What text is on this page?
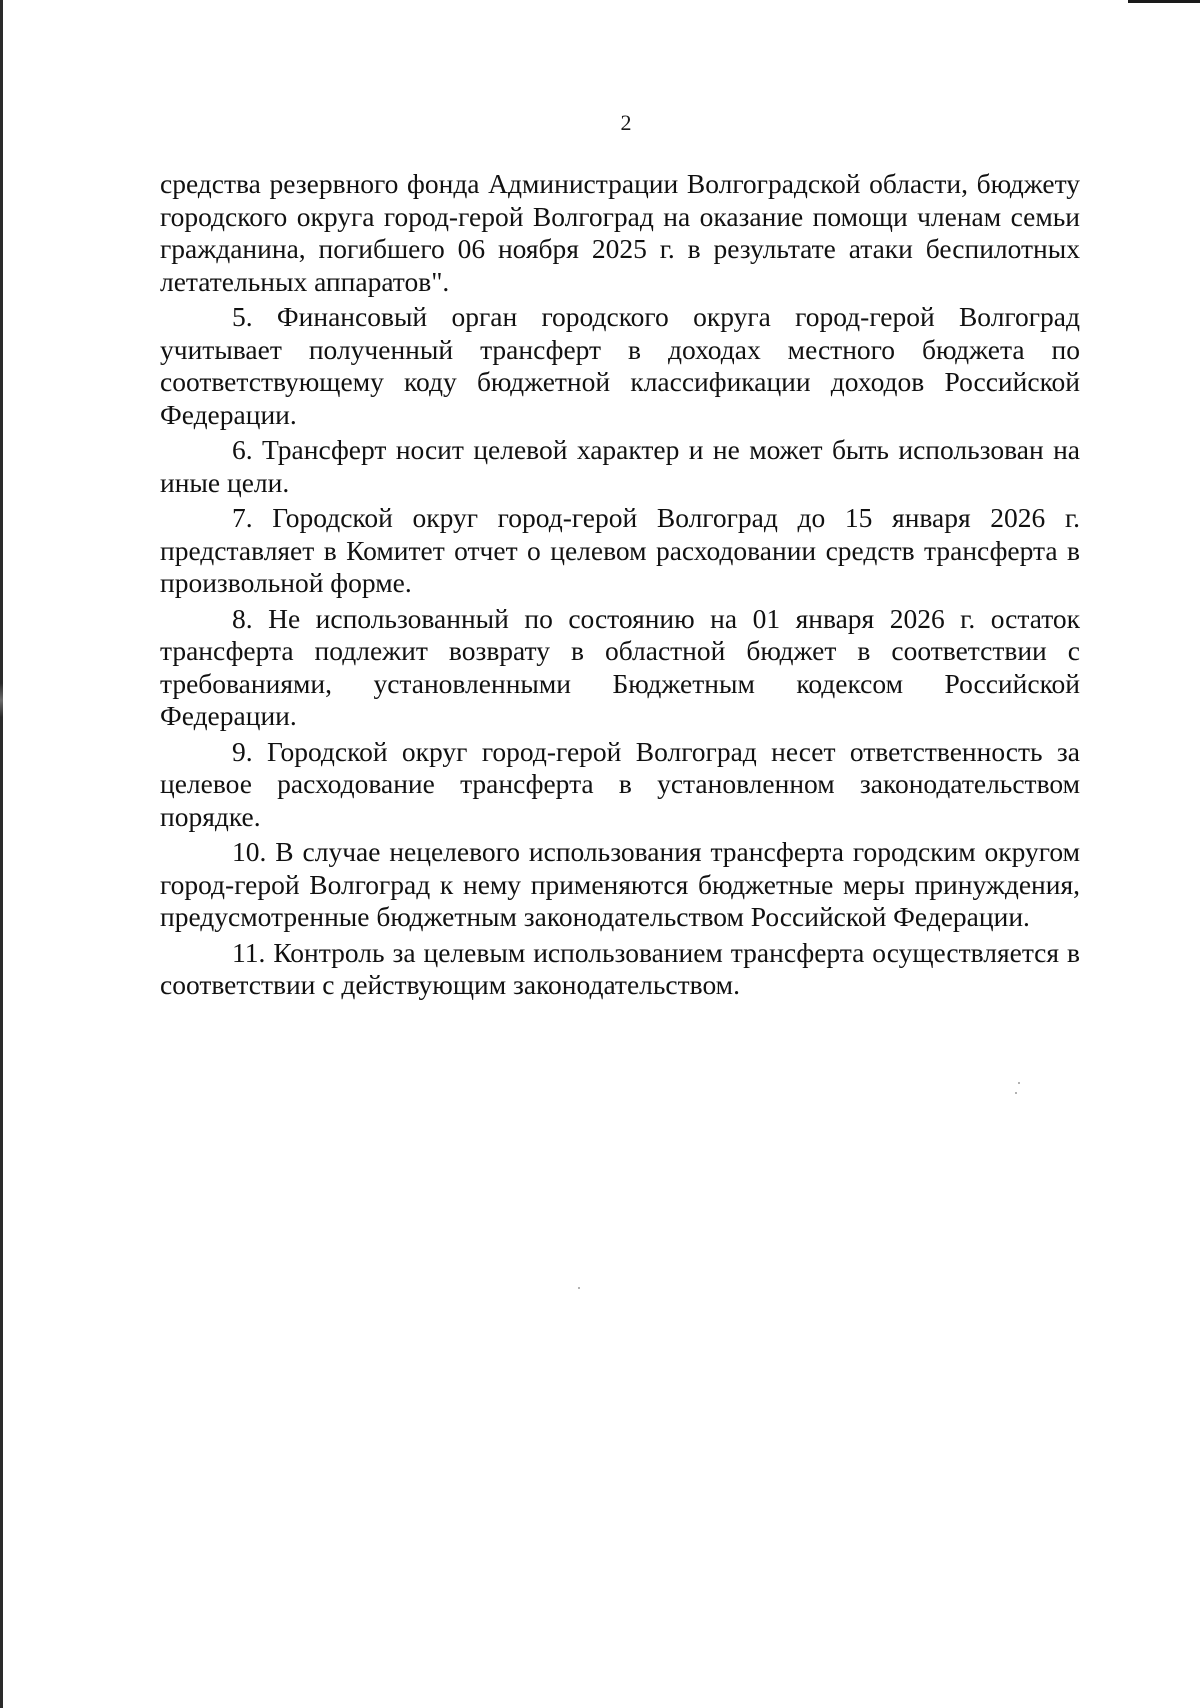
2

средства резервного фонда Администрации Волгоградской области, бюджету городского округа город-герой Волгоград на оказание помощи членам семьи гражданина, погибшего 06 ноября 2025 г. в результате атаки беспилотных летательных аппаратов".

5. Финансовый орган городского округа город-герой Волгоград учитывает полученный трансферт в доходах местного бюджета по соответствующему коду бюджетной классификации доходов Российской Федерации.

6. Трансферт носит целевой характер и не может быть использован на иные цели.

7. Городской округ город-герой Волгоград до 15 января 2026 г. представляет в Комитет отчет о целевом расходовании средств трансферта в произвольной форме.

8. Не использованный по состоянию на 01 января 2026 г. остаток трансферта подлежит возврату в областной бюджет в соответствии с требованиями, установленными Бюджетным кодексом Российской Федерации.

9. Городской округ город-герой Волгоград несет ответственность за целевое расходование трансферта в установленном законодательством порядке.

10. В случае нецелевого использования трансферта городским округом город-герой Волгоград к нему применяются бюджетные меры принуждения, предусмотренные бюджетным законодательством Российской Федерации.

11. Контроль за целевым использованием трансферта осуществляется в соответствии с действующим законодательством.
